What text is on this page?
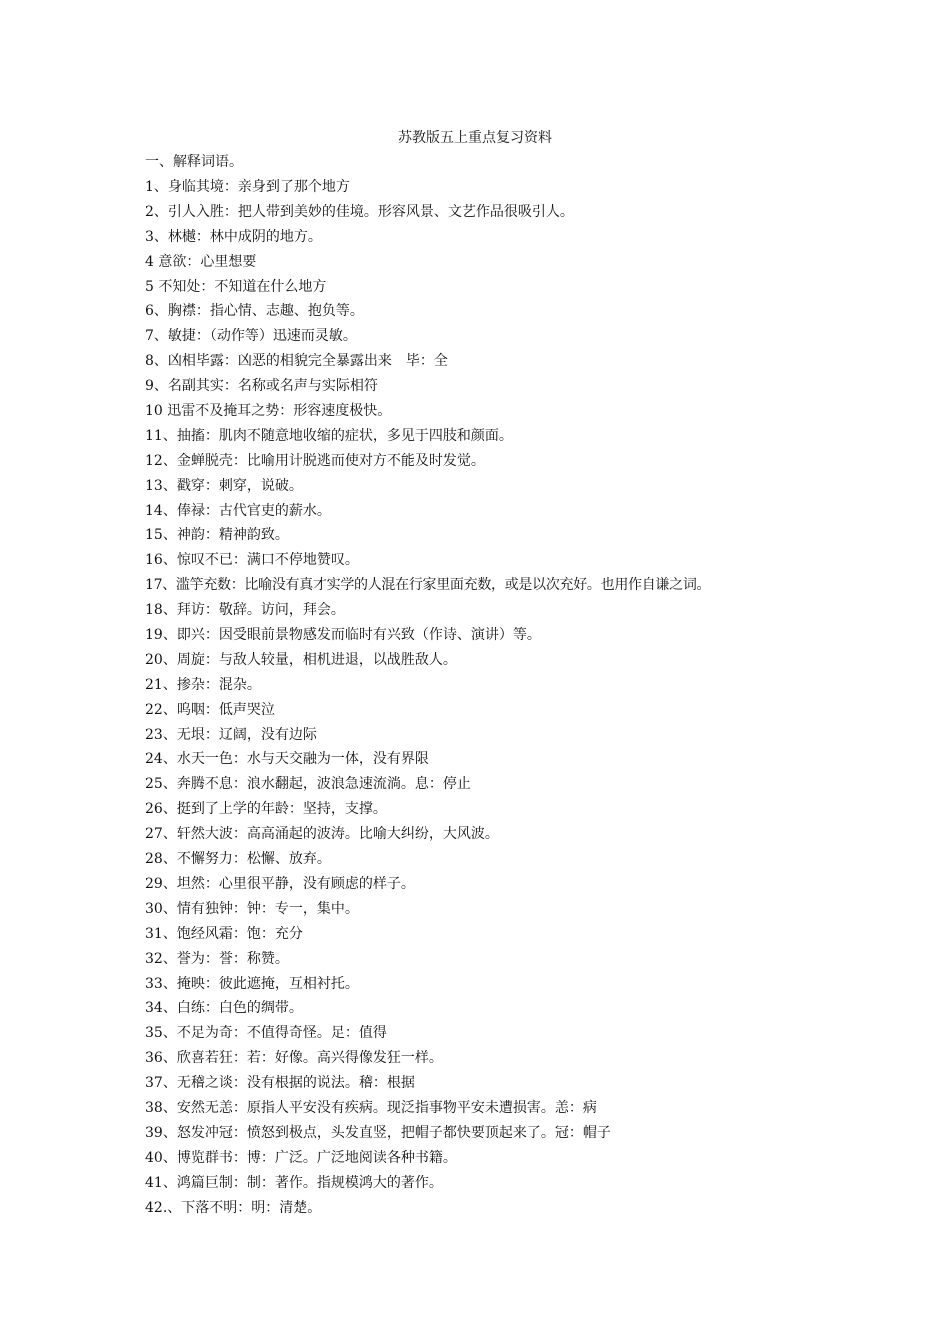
苏教版五上重点复习资料
一、解释词语。
1、身临其境：亲身到了那个地方
2、引人入胜：把人带到美妙的佳境。形容风景、文艺作品很吸引人。
3、林樾：林中成阴的地方。
4 意欲：心里想要
5 不知处：不知道在什么地方
6、胸襟：指心情、志趣、抱负等。
7、敏捷：（动作等）迅速而灵敏。
8、凶相毕露：凶恶的相貌完全暴露出来　毕：全
9、名副其实：名称或名声与实际相符
10 迅雷不及掩耳之势：形容速度极快。
11、抽搐：肌肉不随意地收缩的症状，多见于四肢和颜面。
12、金蝉脱壳：比喻用计脱逃而使对方不能及时发觉。
13、戳穿：刺穿，说破。
14、俸禄：古代官吏的薪水。
15、神韵：精神韵致。
16、惊叹不已：满口不停地赞叹。
17、滥竽充数：比喻没有真才实学的人混在行家里面充数，或是以次充好。也用作自谦之词。
18、拜访：敬辞。访问，拜会。
19、即兴：因受眼前景物感发而临时有兴致（作诗、演讲）等。
20、周旋：与敌人较量，相机进退，以战胜敌人。
21、掺杂：混杂。
22、呜咽：低声哭泣
23、无垠：辽阔，没有边际
24、水天一色：水与天交融为一体，没有界限
25、奔腾不息：浪水翻起，波浪急速流淌。息：停止
26、挺到了上学的年龄：坚持，支撑。
27、轩然大波：高高涌起的波涛。比喻大纠纷，大风波。
28、不懈努力：松懈、放弃。
29、坦然：心里很平静，没有顾虑的样子。
30、情有独钟：钟：专一，集中。
31、饱经风霜：饱：充分
32、誉为：誉：称赞。
33、掩映：彼此遮掩，互相衬托。
34、白练：白色的绸带。
35、不足为奇：不值得奇怪。足：值得
36、欣喜若狂：若：好像。高兴得像发狂一样。
37、无稽之谈：没有根据的说法。稽：根据
38、安然无恙：原指人平安没有疾病。现泛指事物平安未遭损害。恙：病
39、怒发冲冠：愤怒到极点，头发直竖，把帽子都快要顶起来了。冠：帽子
40、博览群书：博：广泛。广泛地阅读各种书籍。
41、鸿篇巨制：制：著作。指规模鸿大的著作。
42.、下落不明：明：清楚。
